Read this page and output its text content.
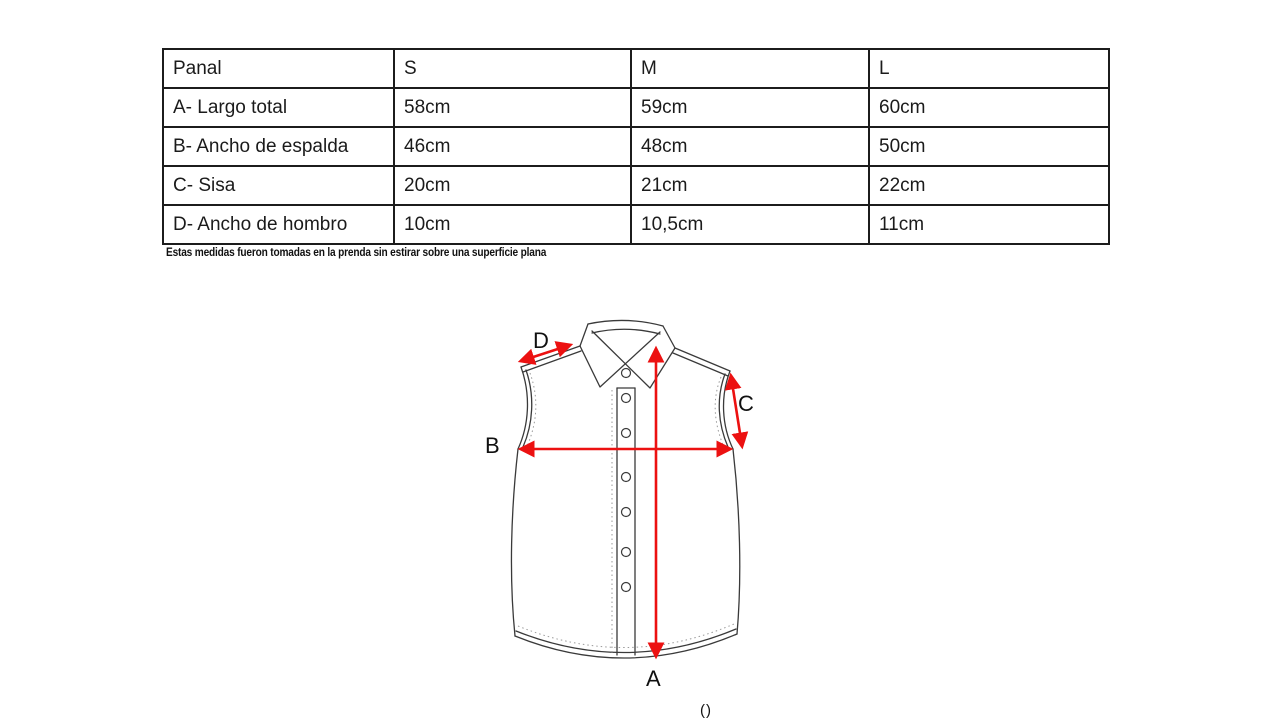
Panal	S	M	L
A- Largo total	58cm	59cm	60cm
B- Ancho de espalda	46cm	48cm	50cm
C- Sisa	20cm	21cm	22cm
D- Ancho de hombro	10cm	10,5cm	11cm
Estas medidas fueron tomadas en la prenda sin estirar sobre una superficie plana
A
B
C
D
()
